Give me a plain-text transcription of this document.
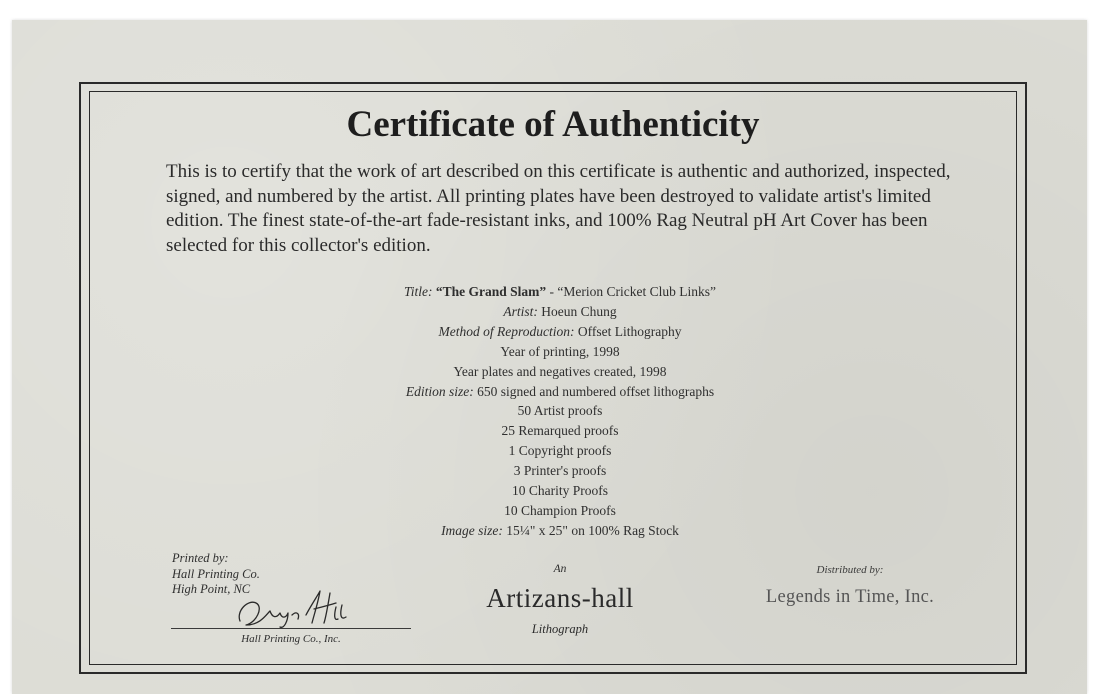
Certificate of Authenticity

This is to certify that the work of art described on this certificate is authentic and authorized, inspected, signed, and numbered by the artist. All printing plates have been destroyed to validate artist's limited edition. The finest state-of-the-art fade-resistant inks, and 100% Rag Neutral pH Art Cover has been selected for this collector's edition.

Title: “The Grand Slam” - “Merion Cricket Club Links”
Artist: Hoeun Chung
Method of Reproduction: Offset Lithography
Year of printing, 1998
Year plates and negatives created, 1998
Edition size: 650 signed and numbered offset lithographs
50 Artist proofs
25 Remarqued proofs
1 Copyright proofs
3 Printer's proofs
10 Charity Proofs
10 Champion Proofs
Image size: 15¼" x 25" on 100% Rag Stock
Printed by:
Hall Printing Co.
High Point, NC
Hall Printing Co., Inc.
An
Artizans-hall
Lithograph
Distributed by:
Legends in Time, Inc.
